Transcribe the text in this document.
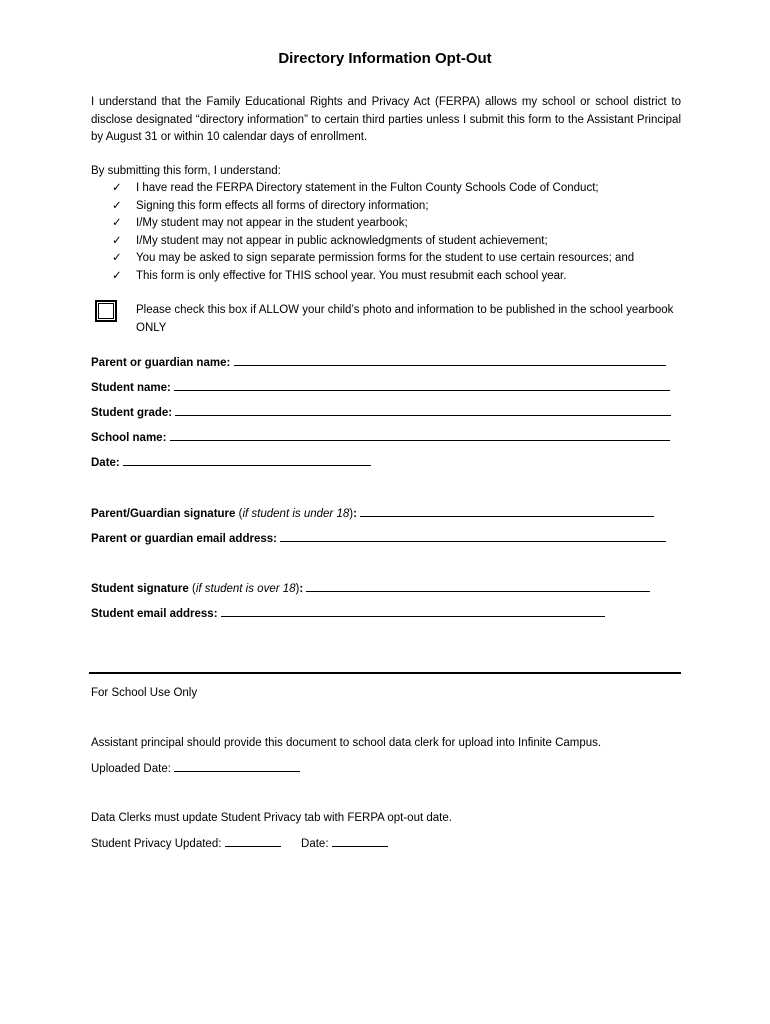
Directory Information Opt-Out
I understand that the Family Educational Rights and Privacy Act (FERPA) allows my school or school district to disclose designated “directory information” to certain third parties unless I submit this form to the Assistant Principal by August 31 or within 10 calendar days of enrollment.
By submitting this form, I understand:
✓	I have read the FERPA Directory statement in the Fulton County Schools Code of Conduct;
✓	Signing this form effects all forms of directory information;
✓	I/My student may not appear in the student yearbook;
✓	I/My student may not appear in public acknowledgments of student achievement;
✓	You may be asked to sign separate permission forms for the student to use certain resources; and
✓	This form is only effective for THIS school year. You must resubmit each school year.
Please check this box if ALLOW your child’s photo and information to be published in the school yearbook ONLY
Parent or guardian name:
Student name:
Student grade:
School name:
Date:
Parent/Guardian signature (if student is under 18):
Parent or guardian email address:
Student signature (if student is over 18):
Student email address:
For School Use Only
Assistant principal should provide this document to school data clerk for upload into Infinite Campus.
Uploaded Date:
Data Clerks must update Student Privacy tab with FERPA opt-out date.
Student Privacy Updated:	Date:
